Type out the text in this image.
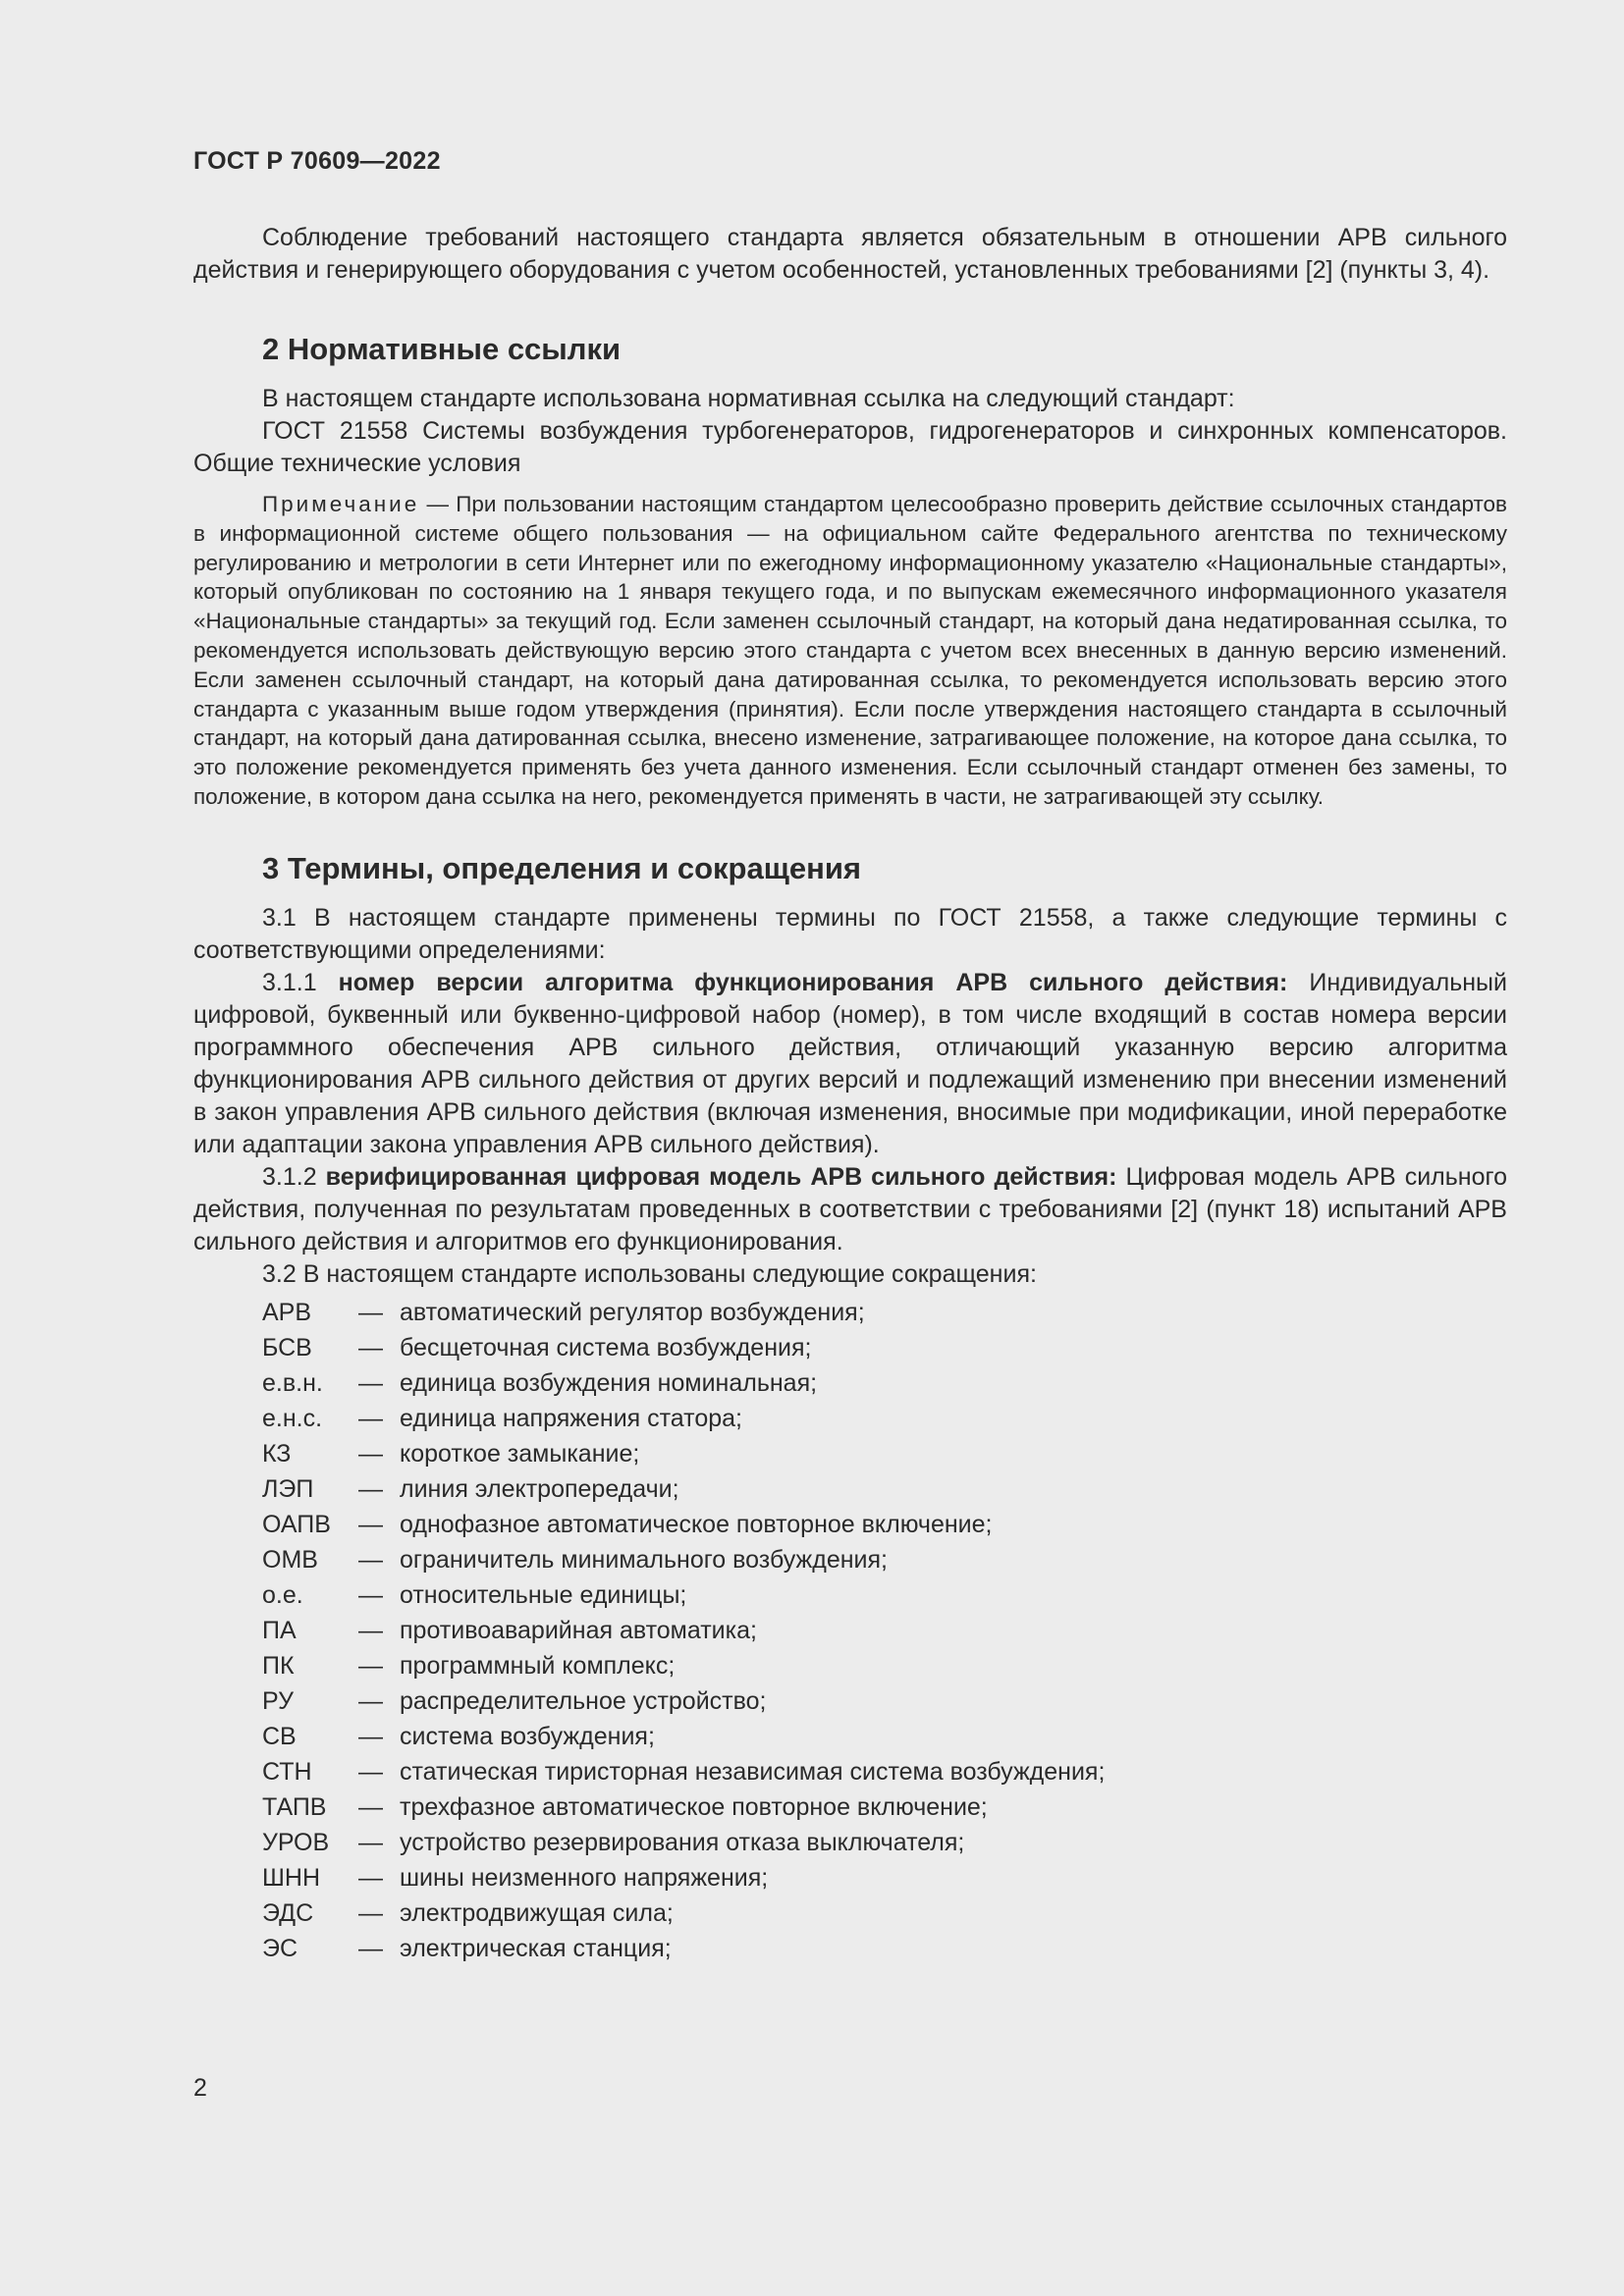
ГОСТ Р 70609—2022

Соблюдение требований настоящего стандарта является обязательным в отношении АРВ сильного действия и генерирующего оборудования с учетом особенностей, установленных требованиями [2] (пункты 3, 4).

2 Нормативные ссылки

В настоящем стандарте использована нормативная ссылка на следующий стандарт:

ГОСТ 21558 Системы возбуждения турбогенераторов, гидрогенераторов и синхронных компенсаторов. Общие технические условия

Примечание — При пользовании настоящим стандартом целесообразно проверить действие ссылочных стандартов в информационной системе общего пользования — на официальном сайте Федерального агентства по техническому регулированию и метрологии в сети Интернет или по ежегодному информационному указателю «Национальные стандарты», который опубликован по состоянию на 1 января текущего года, и по выпускам ежемесячного информационного указателя «Национальные стандарты» за текущий год. Если заменен ссылочный стандарт, на который дана недатированная ссылка, то рекомендуется использовать действующую версию этого стандарта с учетом всех внесенных в данную версию изменений. Если заменен ссылочный стандарт, на который дана датированная ссылка, то рекомендуется использовать версию этого стандарта с указанным выше годом утверждения (принятия). Если после утверждения настоящего стандарта в ссылочный стандарт, на который дана датированная ссылка, внесено изменение, затрагивающее положение, на которое дана ссылка, то это положение рекомендуется применять без учета данного изменения. Если ссылочный стандарт отменен без замены, то положение, в котором дана ссылка на него, рекомендуется применять в части, не затрагивающей эту ссылку.

3 Термины, определения и сокращения

3.1 В настоящем стандарте применены термины по ГОСТ 21558, а также следующие термины с соответствующими определениями:

3.1.1 номер версии алгоритма функционирования АРВ сильного действия: Индивидуальный цифровой, буквенный или буквенно-цифровой набор (номер), в том числе входящий в состав номера версии программного обеспечения АРВ сильного действия, отличающий указанную версию алгоритма функционирования АРВ сильного действия от других версий и подлежащий изменению при внесении изменений в закон управления АРВ сильного действия (включая изменения, вносимые при модификации, иной переработке или адаптации закона управления АРВ сильного действия).

3.1.2 верифицированная цифровая модель АРВ сильного действия: Цифровая модель АРВ сильного действия, полученная по результатам проведенных в соответствии с требованиями [2] (пункт 18) испытаний АРВ сильного действия и алгоритмов его функционирования.

3.2 В настоящем стандарте использованы следующие сокращения:

АРВ	— автоматический регулятор возбуждения;
БСВ	— бесщеточная система возбуждения;
е.в.н.	— единица возбуждения номинальная;
е.н.с.	— единица напряжения статора;
КЗ	— короткое замыкание;
ЛЭП	— линия электропередачи;
ОАПВ	— однофазное автоматическое повторное включение;
ОМВ	— ограничитель минимального возбуждения;
о.е.	— относительные единицы;
ПА	— противоаварийная автоматика;
ПК	— программный комплекс;
РУ	— распределительное устройство;
СВ	— система возбуждения;
СТН	— статическая тиристорная независимая система возбуждения;
ТАПВ	— трехфазное автоматическое повторное включение;
УРОВ	— устройство резервирования отказа выключателя;
ШНН	— шины неизменного напряжения;
ЭДС	— электродвижущая сила;
ЭС	— электрическая станция;
2
